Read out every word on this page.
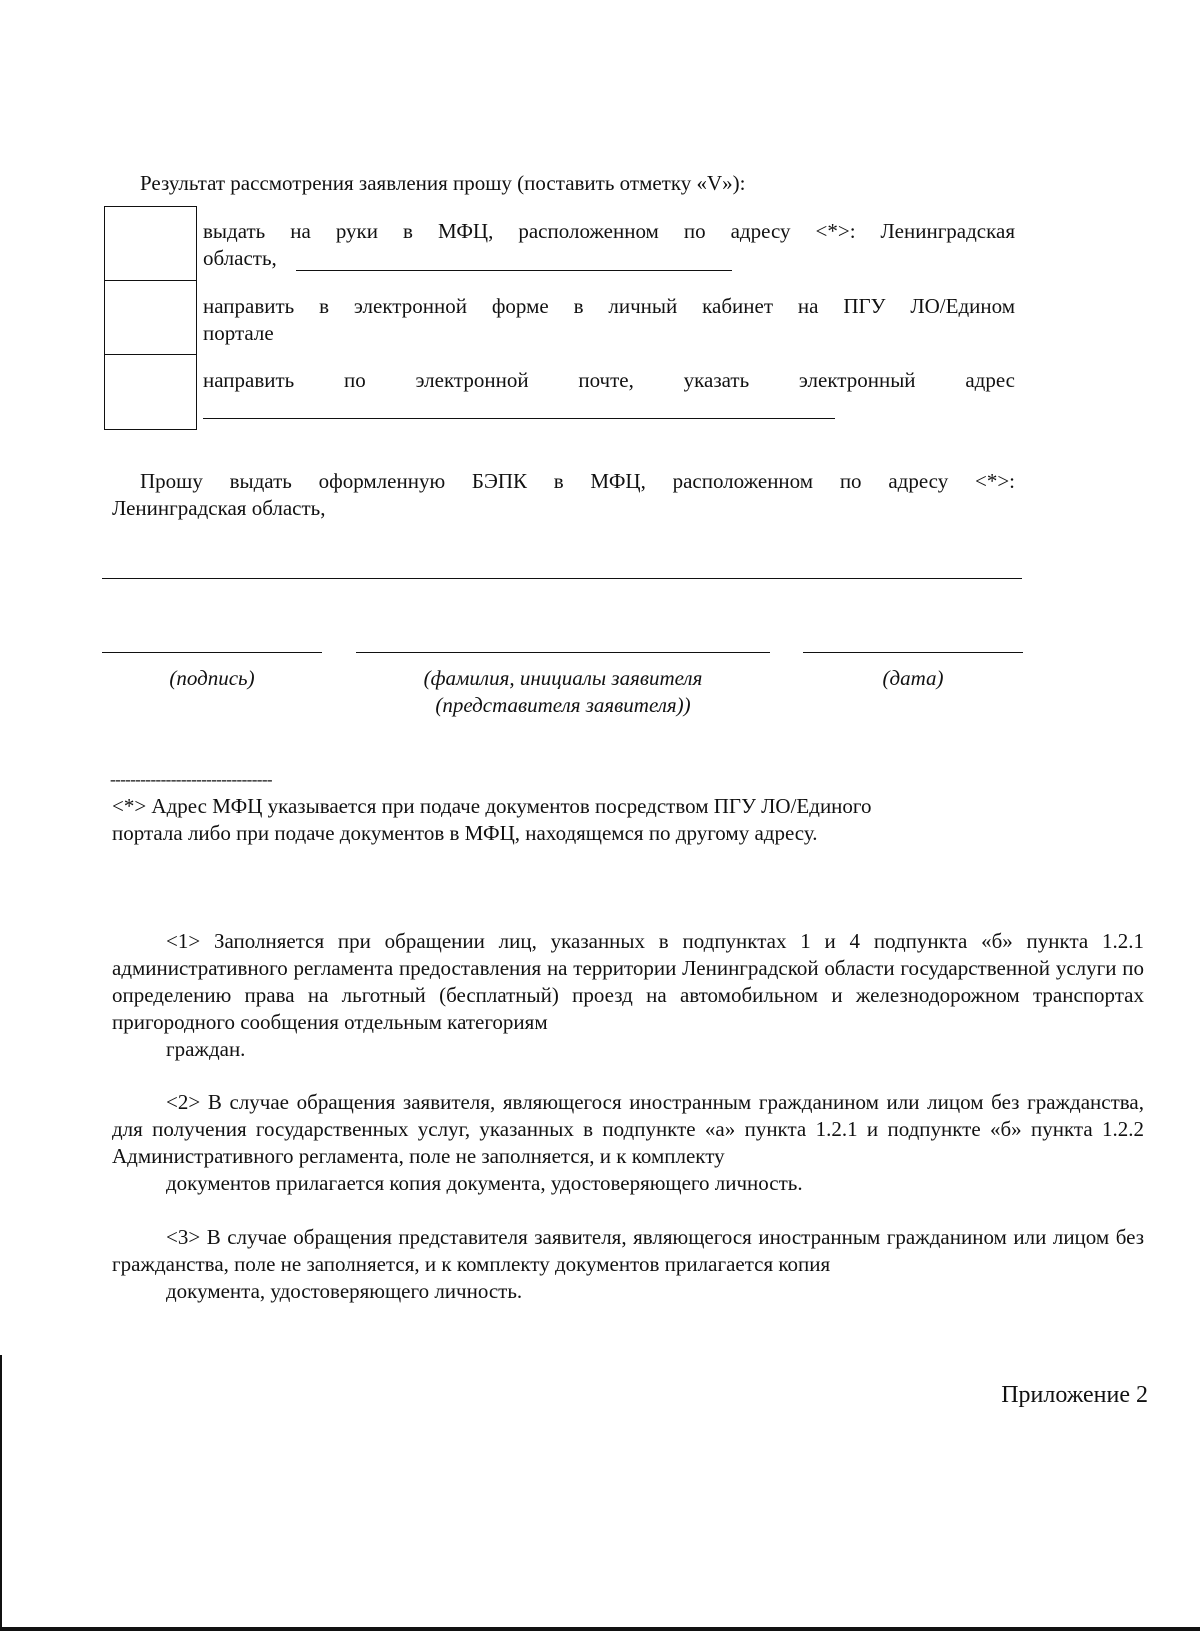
Результат рассмотрения заявления прошу (поставить отметку «V»):
выдать на руки в МФЦ, расположенном по адресу <*>: Ленинградская
область,
направить в электронной форме в личный кабинет на ПГУ ЛО/Едином
портале
направить по электронной почте, указать электронный адрес
Прошу выдать оформленную БЭПК в МФЦ, расположенном по адресу <*>:
Ленинградская область,
(подпись)	(фамилия, инициалы заявителя
(представителя заявителя))
(дата)
--------------------------------
<*> Адрес МФЦ указывается при подаче документов посредством ПГУ ЛО/Единого
портала либо при подаче документов в МФЦ, находящемся по другому адресу.
<1> Заполняется при обращении лиц, указанных в подпунктах 1 и 4 подпункта «б» пункта 1.2.1 административного регламента предоставления на территории Ленинградской области государственной услуги по определению права на льготный (бесплатный) проезд на автомобильном и железнодорожном транспортах пригородного сообщения отдельным категориям
граждан.
<2> В случае обращения заявителя, являющегося иностранным гражданином или лицом без гражданства, для получения государственных услуг, указанных в подпункте «а» пункта 1.2.1 и подпункте «б» пункта 1.2.2 Административного регламента, поле не заполняется, и к комплекту
документов прилагается копия документа, удостоверяющего личность.
<3> В случае обращения представителя заявителя, являющегося иностранным гражданином или лицом без гражданства, поле не заполняется, и к комплекту документов прилагается копия
документа, удостоверяющего личность.
Приложение 2
